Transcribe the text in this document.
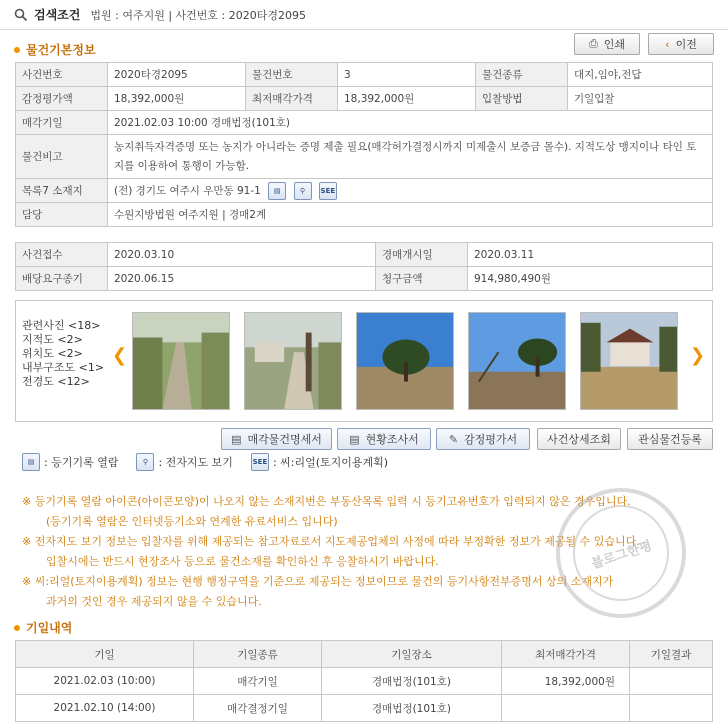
검색조건 법원 : 여주지원 | 사건번호 : 2020타경2095
물건기본정보	⎙ 인쇄	‹ 이전
사건번호	2020타경2095	물건번호	3	물건종류	대지,임야,전답
감정평가액	18,392,000원	최저매각가격	18,392,000원	입찰방법	기일입찰
매각기일	2021.02.03 10:00 경매법정(101호)				
물건비고	농지취득자격증명 또는 농지가 아니라는 증명 제출 필요(매각허가결정시까지 미제출시 보증금 몰수). 지적도상 맹지이나 타인 토지를 이용하여 통행이 가능함.				
목록7 소재지	(전) 경기도 여주시 우만동 91-1 ▤ ⚲ SEE				
담당	수원지방법원 여주지원 | 경매2계				
사건접수	2020.03.10	경매개시일	2020.03.11
배당요구종기	2020.06.15	청구금액	914,980,490원
관련사진 <18>
지적도 <2>
위치도 <2>
내부구조도 <1>
전경도 <12>
❮	❯
▤ 매각물건명세서 ▤ 현황조사서	✎ 감정평가서	사건상세조회 관심물건등록
▤ : 등기기록 열람	⚲ : 전자지도 보기	SEE : 씨:리얼(토지이용계획)
※ 등기기록 열람 아이콘(아이콘모양)이 나오지 않는 소재지번은 부동산목록 입력 시 등기고유번호가 입력되지 않은 경우입니다.
(등기기록 열람은 인터넷등기소와 연계한 유료서비스 입니다)
※ 전자지도 보기 정보는 입찰자를 위해 제공되는 참고자료로서 지도제공업체의 사정에 따라 부정확한 정보가 제공될 수 있습니다.
입찰시에는 반드시 현장조사 등으로 물건소재를 확인하신 후 응찰하시기 바랍니다.
※ 씨:리얼(토지이용계획) 정보는 현행 행정구역을 기준으로 제공되는 정보이므로 물건의 등기사항전부증명서 상의 소재지가
과거의 것인 경우 제공되지 않을 수 있습니다.
블로그한평
기일내역
기일	기일종류	기일장소	최저매각가격	기일결과
2021.02.03 (10:00)	매각기일	경매법정(101호)	18,392,000원	
2021.02.10 (14:00)	매각결정기일	경매법정(101호)		
